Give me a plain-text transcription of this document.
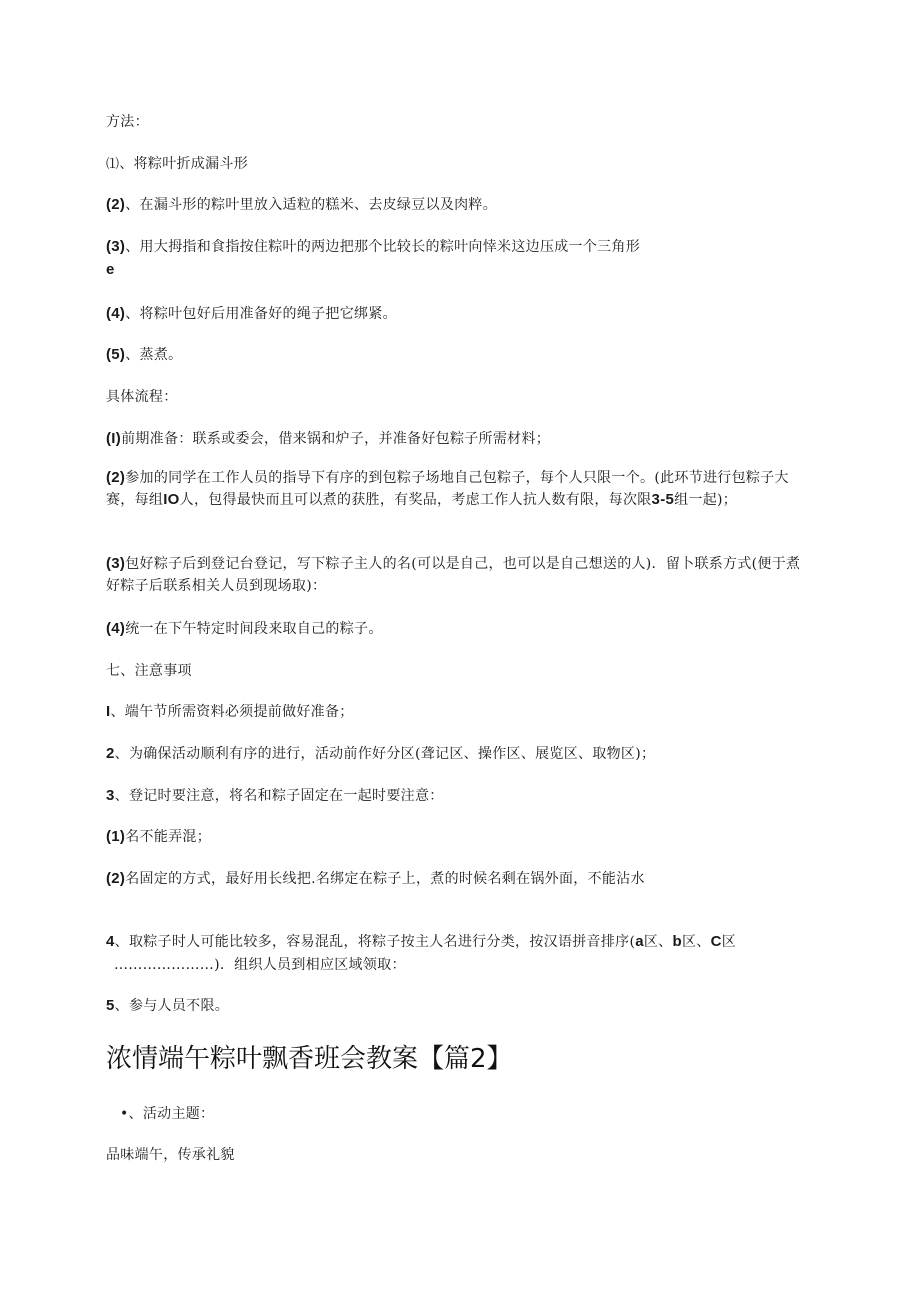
方法：
⑴、将粽叶折成漏斗形
(2)、在漏斗形的粽叶里放入适粒的糕米、去皮绿豆以及肉粹。
(3)、用大拇指和食指按住粽叶的两边把那个比较长的粽叶向悻米这边压成一个三角形
e
(4)、将粽叶包好后用准备好的绳子把它绑紧。
(5)、蒸煮。
具体流程：
(I)前期准备：联系或委会，借来锅和炉子，并准备好包粽子所需材料；
(2)参加的同学在工作人员的指导下有序的到包粽子场地自己包粽子，每个人只限一个。(此环节进行包粽子大赛，每组IO人，包得最快而且可以煮的获胜，有奖品，考虑工作人抗人数有限，每次限3-5组一起)；
(3)包好粽子后到登记台登记，写下粽子主人的名(可以是自己，也可以是自己想送的人)．留卜联系方式(便于煮好粽子后联系相关人员到现场取)：
(4)统一在下午特定时间段来取自己的粽子。
七、注意事项
I、端午节所需资料必须提前做好准备；
2、为确保活动顺利有序的进行，活动前作好分区(聋记区、操作区、展览区、取物区)；
3、登记时要注意，将名和粽子固定在一起时要注意：
(1)名不能弄混；
(2)名固定的方式，最好用长线把.名绑定在粽子上，煮的时候名剩在锅外面，不能沾水
4、取粽子时人可能比较多，容易混乱，将粽子按主人名进行分类，按汉语拼音排序(a区、b区、C区
…………………)．组织人员到相应区域领取：
5、参与人员不限。
浓情端午粽叶飘香班会教案【篇2】
•、活动主题：
品味端午，传承礼貌
